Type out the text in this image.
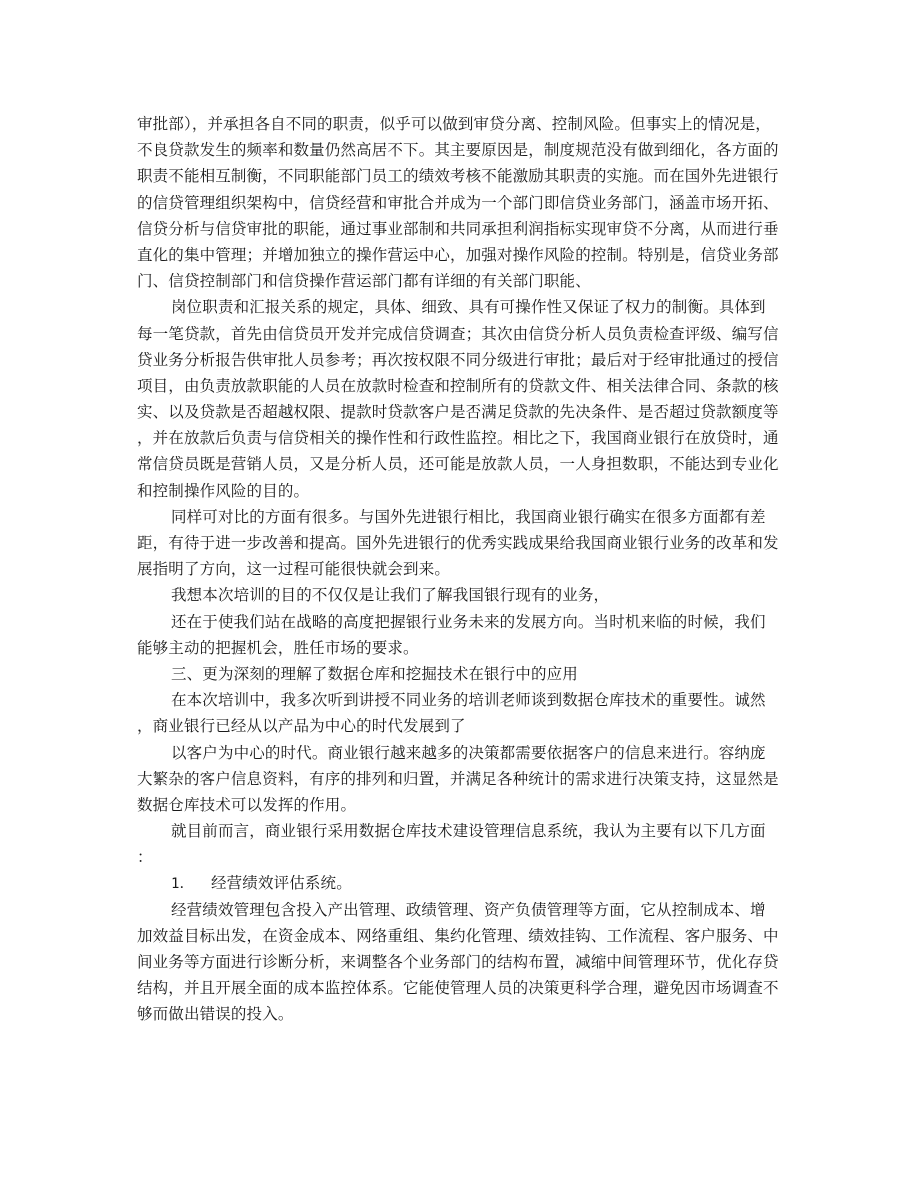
审批部），并承担各自不同的职责，似乎可以做到审贷分离、控制风险。但事实上的情况是，
不良贷款发生的频率和数量仍然高居不下。其主要原因是，制度规范没有做到细化，各方面的
职责不能相互制衡，不同职能部门员工的绩效考核不能激励其职责的实施。而在国外先进银行
的信贷管理组织架构中，信贷经营和审批合并成为一个部门即信贷业务部门，涵盖市场开拓、
信贷分析与信贷审批的职能，通过事业部制和共同承担利润指标实现审贷不分离，从而进行垂
直化的集中管理；并增加独立的操作营运中心，加强对操作风险的控制。特别是，信贷业务部
门、信贷控制部门和信贷操作营运部门都有详细的有关部门职能、
岗位职责和汇报关系的规定，具体、细致、具有可操作性又保证了权力的制衡。具体到
每一笔贷款，首先由信贷员开发并完成信贷调查；其次由信贷分析人员负责检查评级、编写信
贷业务分析报告供审批人员参考；再次按权限不同分级进行审批；最后对于经审批通过的授信
项目，由负责放款职能的人员在放款时检查和控制所有的贷款文件、相关法律合同、条款的核
实、以及贷款是否超越权限、提款时贷款客户是否满足贷款的先决条件、是否超过贷款额度等
，并在放款后负责与信贷相关的操作性和行政性监控。相比之下，我国商业银行在放贷时，通
常信贷员既是营销人员，又是分析人员，还可能是放款人员，一人身担数职，不能达到专业化
和控制操作风险的目的。
同样可对比的方面有很多。与国外先进银行相比，我国商业银行确实在很多方面都有差
距，有待于进一步改善和提高。国外先进银行的优秀实践成果给我国商业银行业务的改革和发
展指明了方向，这一过程可能很快就会到来。
我想本次培训的目的不仅仅是让我们了解我国银行现有的业务，
还在于使我们站在战略的高度把握银行业务未来的发展方向。当时机来临的时候，我们
能够主动的把握机会，胜任市场的要求。
三、更为深刻的理解了数据仓库和挖掘技术在银行中的应用
在本次培训中，我多次听到讲授不同业务的培训老师谈到数据仓库技术的重要性。诚然
，商业银行已经从以产品为中心的时代发展到了
以客户为中心的时代。商业银行越来越多的决策都需要依据客户的信息来进行。容纳庞
大繁杂的客户信息资料，有序的排列和归置，并满足各种统计的需求进行决策支持，这显然是
数据仓库技术可以发挥的作用。
就目前而言，商业银行采用数据仓库技术建设管理信息系统，我认为主要有以下几方面
：
1． 经营绩效评估系统。
经营绩效管理包含投入产出管理、政绩管理、资产负债管理等方面，它从控制成本、增
加效益目标出发，在资金成本、网络重组、集约化管理、绩效挂钩、工作流程、客户服务、中
间业务等方面进行诊断分析，来调整各个业务部门的结构布置，减缩中间管理环节，优化存贷
结构，并且开展全面的成本监控体系。它能使管理人员的决策更科学合理，避免因市场调查不
够而做出错误的投入。
